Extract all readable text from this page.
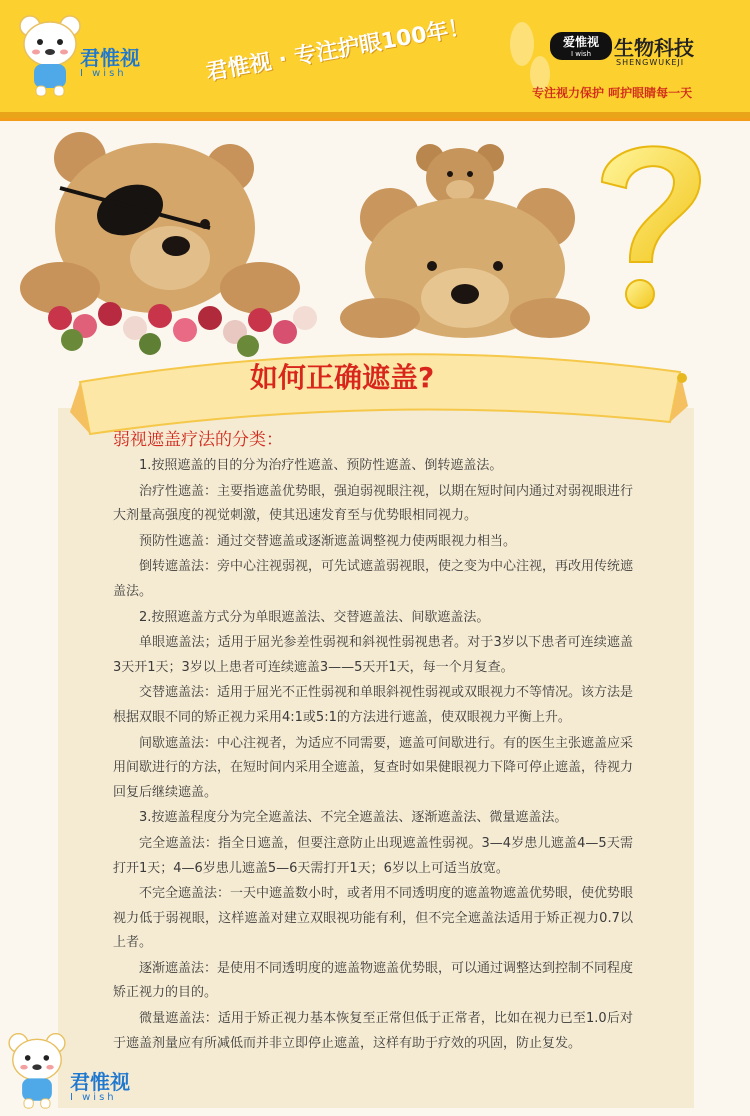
君惟视
I wish	君惟视 · 专注护眼100年！	爱惟视
I wish	生物科技
SHENGWUKEJI
专注视力保护 呵护眼睛每一天
如何正确遮盖?
弱视遮盖疗法的分类：

1.按照遮盖的目的分为治疗性遮盖、预防性遮盖、倒转遮盖法。

治疗性遮盖：主要指遮盖优势眼，强迫弱视眼注视，以期在短时间内通过对弱视眼进行大剂量高强度的视觉刺激，使其迅速发育至与优势眼相同视力。

预防性遮盖：通过交替遮盖或逐渐遮盖调整视力使两眼视力相当。

倒转遮盖法：旁中心注视弱视，可先试遮盖弱视眼，使之变为中心注视，再改用传统遮盖法。

2.按照遮盖方式分为单眼遮盖法、交替遮盖法、间歇遮盖法。

单眼遮盖法；适用于屈光参差性弱视和斜视性弱视患者。对于3岁以下患者可连续遮盖3天开1天；3岁以上患者可连续遮盖3——5天开1天，每一个月复查。

交替遮盖法：适用于屈光不正性弱视和单眼斜视性弱视或双眼视力不等情况。该方法是根据双眼不同的矫正视力采用4:1或5:1的方法进行遮盖，使双眼视力平衡上升。

间歇遮盖法：中心注视者，为适应不同需要，遮盖可间歇进行。有的医生主张遮盖应采用间歇进行的方法，在短时间内采用全遮盖，复查时如果健眼视力下降可停止遮盖，待视力回复后继续遮盖。

3.按遮盖程度分为完全遮盖法、不完全遮盖法、逐渐遮盖法、微量遮盖法。

完全遮盖法：指全日遮盖，但要注意防止出现遮盖性弱视。3—4岁患儿遮盖4—5天需打开1天；4—6岁患儿遮盖5—6天需打开1天；6岁以上可适当放宽。

不完全遮盖法：一天中遮盖数小时，或者用不同透明度的遮盖物遮盖优势眼，使优势眼视力低于弱视眼，这样遮盖对建立双眼视功能有利，但不完全遮盖法适用于矫正视力0.7以上者。

逐渐遮盖法：是使用不同透明度的遮盖物遮盖优势眼，可以通过调整达到控制不同程度矫正视力的目的。

微量遮盖法：适用于矫正视力基本恢复至正常但低于正常者，比如在视力已至1.0后对于遮盖剂量应有所减低而并非立即停止遮盖，这样有助于疗效的巩固，防止复发。

君惟视
I wish
